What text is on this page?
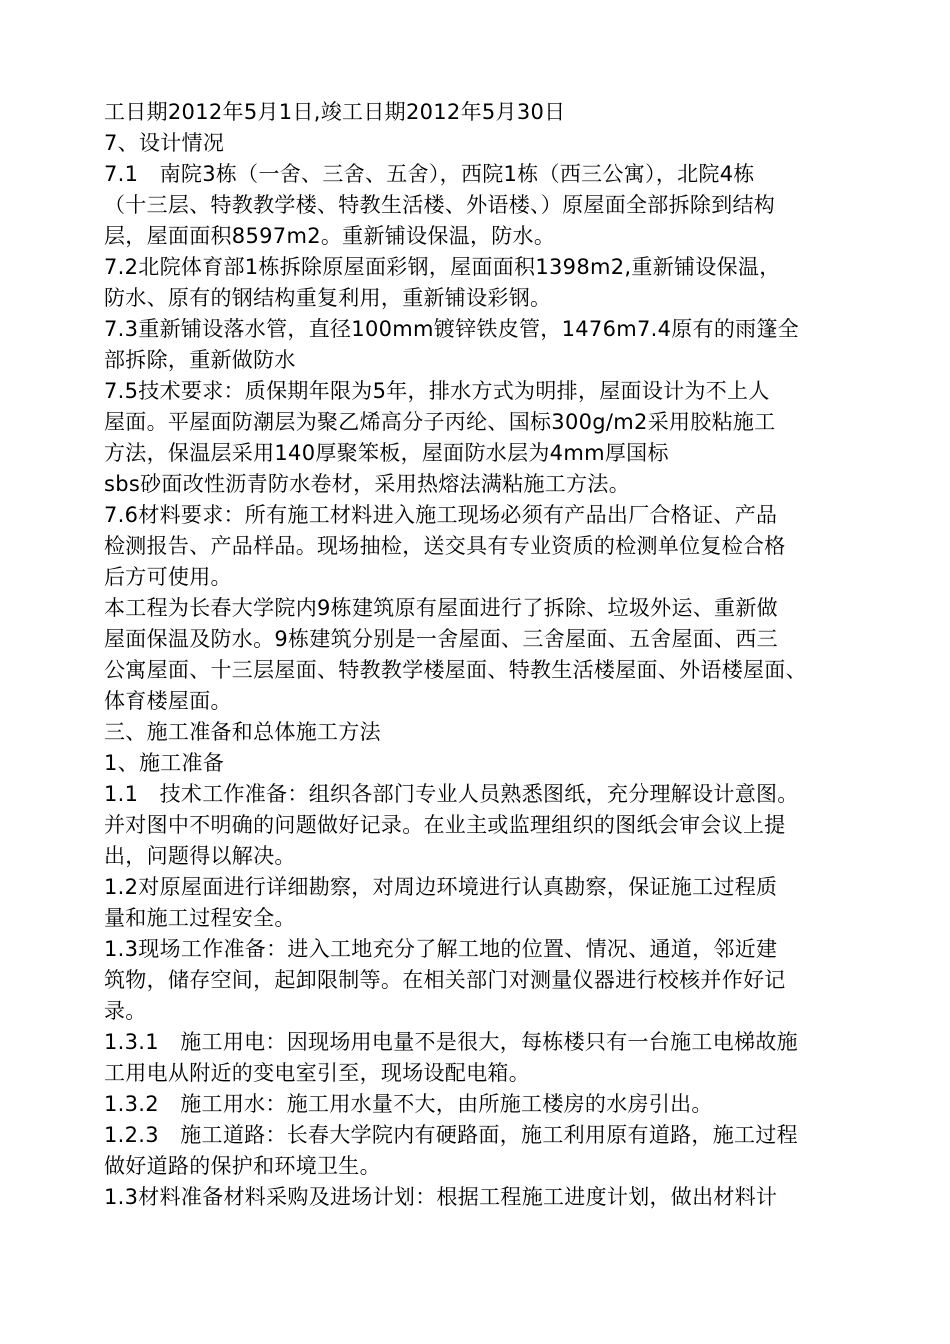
工日期2012年5月1日,竣工日期2012年5月30日
7、设计情况
7.1　南院3栋（一舍、三舍、五舍），西院1栋（西三公寓），北院4栋
（十三层、特教教学楼、特教生活楼、外语楼、）原屋面全部拆除到结构
层，屋面面积8597m2。重新铺设保温，防水。
7.2北院体育部1栋拆除原屋面彩钢，屋面面积1398m2,重新铺设保温，
防水、原有的钢结构重复利用，重新铺设彩钢。
7.3重新铺设落水管，直径100mm镀锌铁皮管，1476m7.4原有的雨篷全
部拆除，重新做防水
7.5技术要求：质保期年限为5年，排水方式为明排，屋面设计为不上人
屋面。平屋面防潮层为聚乙烯高分子丙纶、国标300g/m2采用胶粘施工
方法，保温层采用140厚聚笨板，屋面防水层为4mm厚国标
sbs砂面改性沥青防水卷材，采用热熔法满粘施工方法。
7.6材料要求：所有施工材料进入施工现场必须有产品出厂合格证、产品
检测报告、产品样品。现场抽检，送交具有专业资质的检测单位复检合格
后方可使用。
本工程为长春大学院内9栋建筑原有屋面进行了拆除、垃圾外运、重新做
屋面保温及防水。9栋建筑分别是一舍屋面、三舍屋面、五舍屋面、西三
公寓屋面、十三层屋面、特教教学楼屋面、特教生活楼屋面、外语楼屋面、
体育楼屋面。
三、施工准备和总体施工方法
1、施工准备
1.1　技术工作准备：组织各部门专业人员熟悉图纸，充分理解设计意图。
并对图中不明确的问题做好记录。在业主或监理组织的图纸会审会议上提
出，问题得以解决。
1.2对原屋面进行详细勘察，对周边环境进行认真勘察，保证施工过程质
量和施工过程安全。
1.3现场工作准备：进入工地充分了解工地的位置、情况、通道，邻近建
筑物，储存空间，起卸限制等。在相关部门对测量仪器进行校核并作好记
录。
1.3.1　施工用电：因现场用电量不是很大，每栋楼只有一台施工电梯故施
工用电从附近的变电室引至，现场设配电箱。
1.3.2　施工用水：施工用水量不大，由所施工楼房的水房引出。
1.2.3　施工道路：长春大学院内有硬路面，施工利用原有道路，施工过程
做好道路的保护和环境卫生。
1.3材料准备材料采购及进场计划：根据工程施工进度计划，做出材料计
